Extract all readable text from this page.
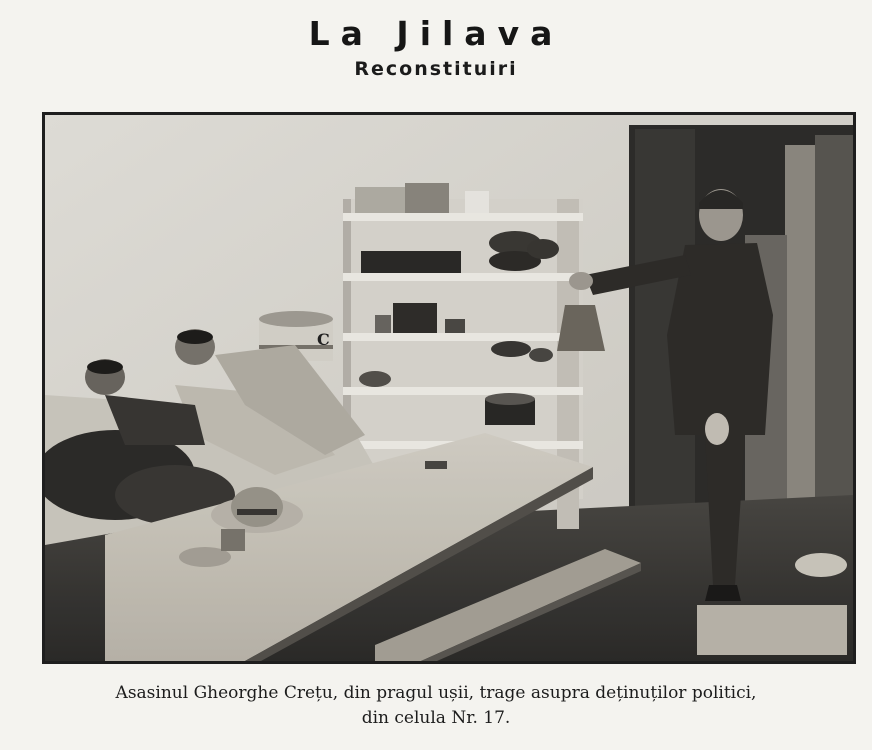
La Jilava
Reconstituiri
C
Asasinul Gheorghe Crețu, din pragul ușii, trage asupra deținuților politici,
din celula Nr. 17.
